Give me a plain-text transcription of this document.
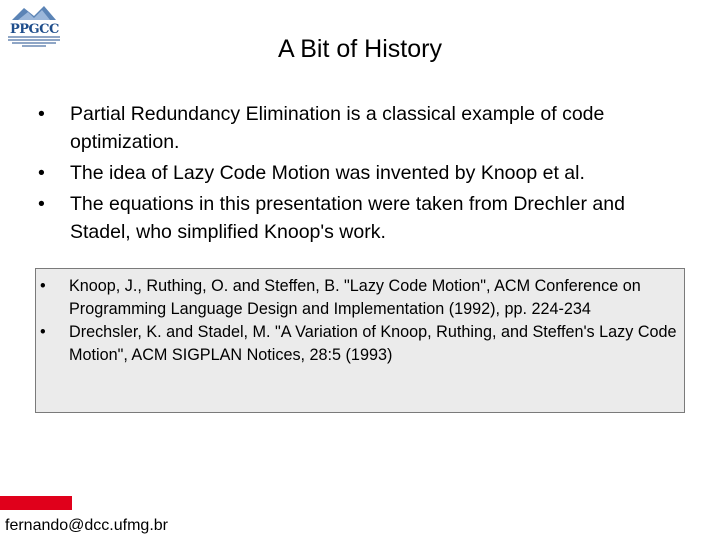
PPGCC
A Bit of History
• Partial Redundancy Elimination is a classical example of code optimization.
• The idea of Lazy Code Motion was invented by Knoop et al.
• The equations in this presentation were taken from Drechler and Stadel, who simplified Knoop's work.
• Knoop, J., Ruthing, O. and Steffen, B. "Lazy Code Motion", ACM Conference on Programming Language Design and Implementation (1992), pp. 224-234
• Drechsler, K. and Stadel, M. "A Variation of Knoop, Ruthing, and Steffen's Lazy Code Motion", ACM SIGPLAN Notices, 28:5 (1993)
fernando@dcc.ufmg.br
